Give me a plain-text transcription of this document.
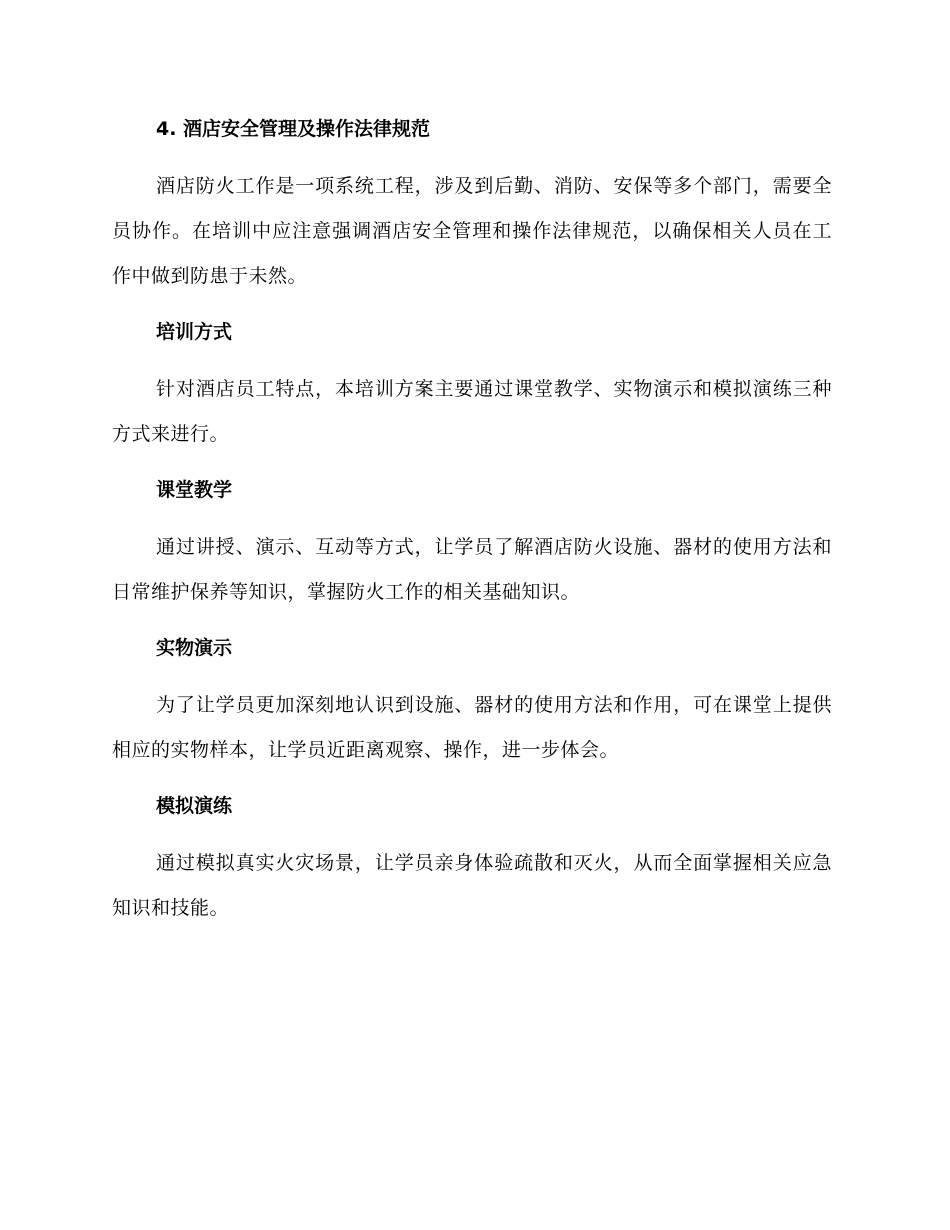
4. 酒店安全管理及操作法律规范

酒店防火工作是一项系统工程，涉及到后勤、消防、安保等多个部门，需要全员协作。在培训中应注意强调酒店安全管理和操作法律规范，以确保相关人员在工作中做到防患于未然。

培训方式

针对酒店员工特点，本培训方案主要通过课堂教学、实物演示和模拟演练三种方式来进行。

课堂教学

通过讲授、演示、互动等方式，让学员了解酒店防火设施、器材的使用方法和日常维护保养等知识，掌握防火工作的相关基础知识。

实物演示

为了让学员更加深刻地认识到设施、器材的使用方法和作用，可在课堂上提供相应的实物样本，让学员近距离观察、操作，进一步体会。

模拟演练

通过模拟真实火灾场景，让学员亲身体验疏散和灭火，从而全面掌握相关应急知识和技能。
